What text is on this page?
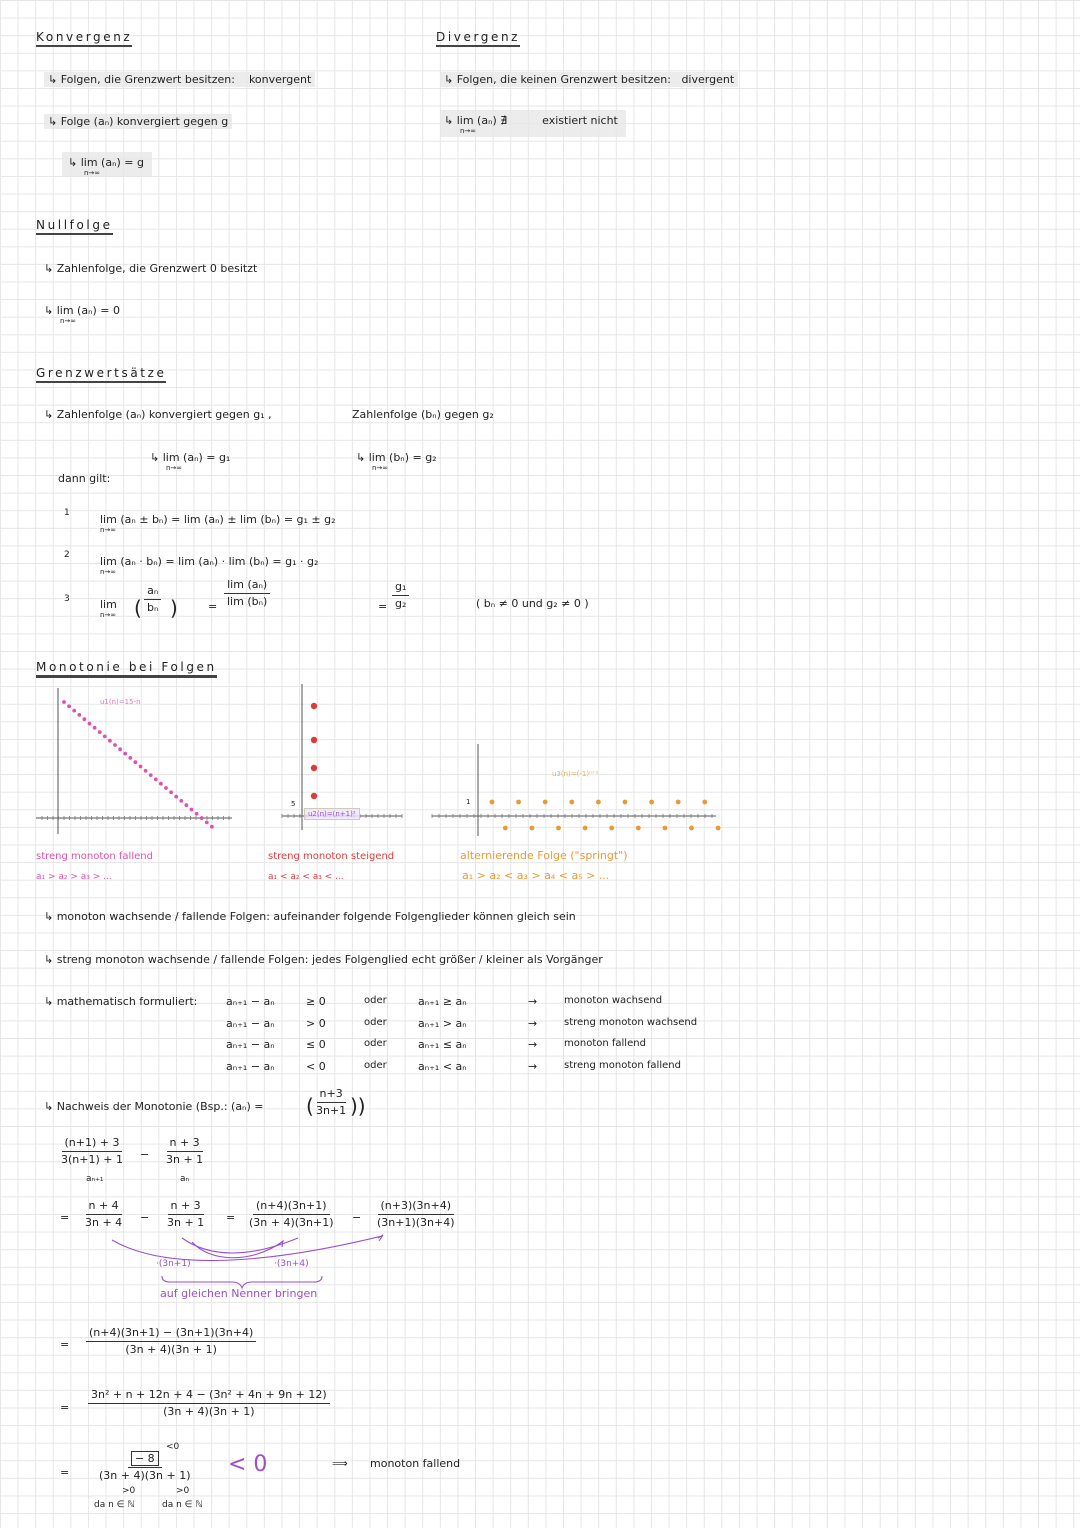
Konvergenz
↳ Folgen, die Grenzwert besitzen: konvergent
↳ Folge (aₙ) konvergiert gegen g
↳ lim (aₙ) = g
n→∞
Divergenz
↳ Folgen, die keinen Grenzwert besitzen: divergent
↳ lim (aₙ) ∄	existiert nicht
n→∞
Nullfolge
↳ Zahlenfolge, die Grenzwert 0 besitzt
↳ lim (aₙ) = 0
n→∞
Grenzwertsätze
↳ Zahlenfolge (aₙ) konvergiert gegen g₁ ,	Zahlenfolge (bₙ) gegen g₂
↳ lim (aₙ) = g₁
n→∞
↳ lim (bₙ) = g₂
n→∞
dann gilt:
1	lim (aₙ ± bₙ) = lim (aₙ) ± lim (bₙ) = g₁ ± g₂
n→∞
2	lim (aₙ · bₙ) = lim (aₙ) · lim (bₙ) = g₁ · g₂
n→∞
3	lim
n→∞ ( $\frac{\text{aₙ}}{\text{bₙ}}$ )	= $\frac{\text{lim (aₙ)}}{\text{lim (bₙ)}}$	= $\frac{\text{g₁}}{\text{g₂}}$	( bₙ ≠ 0 und g₂ ≠ 0 )
Monotonie bei Folgen
u1(n)=15-n
streng monoton fallend
a₁ > a₂ > a₃ > ...
5
u2(n)=(n+1)²
streng monoton steigend
a₁ < a₂ < a₃ < ...
1
u3(n)=(-1)ⁿ⁺¹
alternierende Folge ("springt")
a₁ > a₂ < a₃ > a₄ < a₅ > ...
↳ monoton wachsende / fallende Folgen: aufeinander folgende Folgenglieder können gleich sein
↳ streng monoton wachsende / fallende Folgen: jedes Folgenglied echt größer / kleiner als Vorgänger
↳ mathematisch formuliert:	aₙ₊₁ − aₙ	≥ 0	oder	aₙ₊₁ ≥ aₙ	→	monoton wachsend
aₙ₊₁ − aₙ	> 0	oder	aₙ₊₁ > aₙ	→	streng monoton wachsend
aₙ₊₁ − aₙ	≤ 0	oder	aₙ₊₁ ≤ aₙ	→	monoton fallend
aₙ₊₁ − aₙ	< 0	oder	aₙ₊₁ < aₙ	→	streng monoton fallend
↳ Nachweis der Monotonie (Bsp.: (aₙ) = ( $\frac{n+3}{3n+1}$ ))
$\frac{(n+1) + 3}{3(n+1) + 1}$
aₙ₊₁
− $\frac{n + 3}{3n + 1}$
aₙ
= $\frac{n + 4}{3n + 4} - \frac{n + 3}{3n + 1} = \frac{(n+4)(3n+1)}{(3n + 4)(3n+1)} - \frac{(n+3)(3n+4)}{(3n+1)(3n+4)}$
·(3n+1)	·(3n+4)
auf gleichen Nenner bringen
= $\frac{(n+4)(3n+1) - (3n+1)(3n+4)}{(3n + 4)(3n + 1)}$
= $\frac{\text{3n² + n + 12n + 4 − (3n² + 4n + 9n + 12)}}{(3n + 4)(3n + 1)}$
=
<0
$\frac{- 8}{(3n + 4)(3n + 1)}$
>0	>0
da n ∈ ℕ	da n ∈ ℕ
< 0	⟹ monoton fallend
